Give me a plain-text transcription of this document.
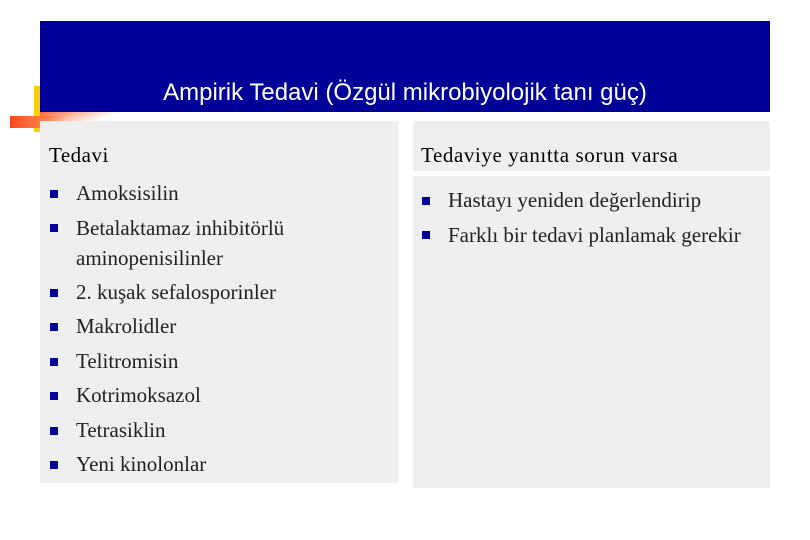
Ampirik Tedavi (Özgül mikrobiyolojik tanı güç)
Tedavi
Amoksisilin
Betalaktamaz inhibitörlü aminopenisilinler
2. kuşak sefalosporinler
Makrolidler
Telitromisin
Kotrimoksazol
Tetrasiklin
Yeni kinolonlar
Tedaviye yanıtta sorun varsa
Hastayı yeniden değerlendirip
Farklı bir tedavi planlamak gerekir
